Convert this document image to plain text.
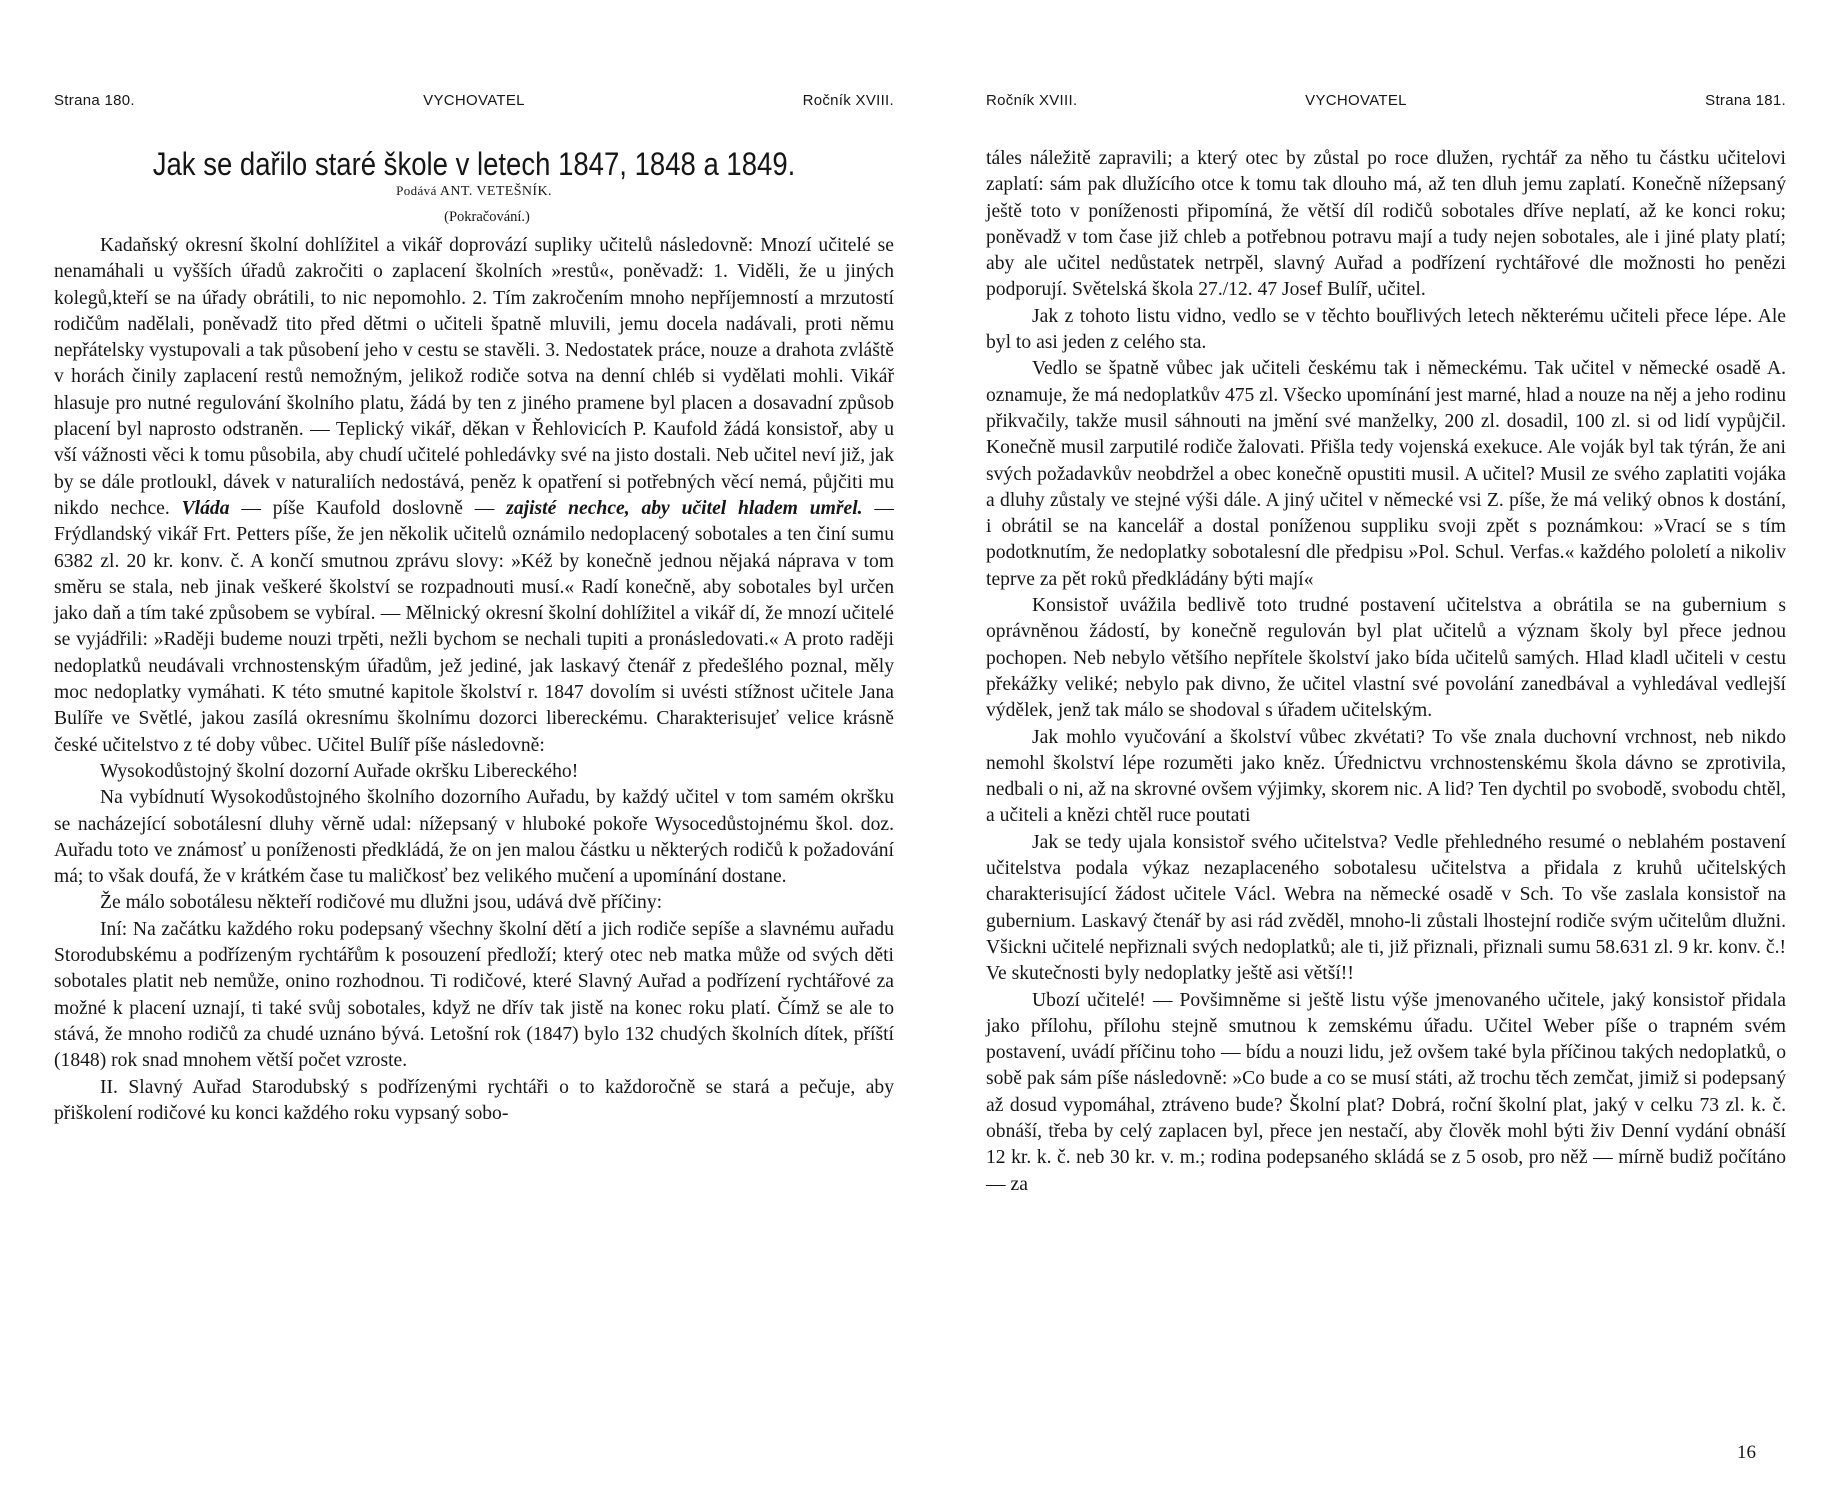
Strana 180.	VYCHOVATEL	Ročník XVIII.
Jak se dařilo staré škole v letech 1847, 1848 a 1849.
Podává ANT. VETEŠNÍK.
(Pokračování.)

Kadaňský okresní školní dohlížitel a vikář doprovází supliky učitelů následovně: Mnozí učitelé se nenamáhali u vyšších úřadů zakročiti o zaplacení školních »restů«, poněvadž: 1. Viděli, že u jiných kolegů,kteří se na úřady obrátili, to nic nepomohlo. 2. Tím zakročením mnoho nepříjemností a mrzutostí rodičům nadělali, poněvadž tito před dětmi o učiteli špatně mluvili, jemu docela nadávali, proti němu nepřátelsky vystupovali a tak působení jeho v cestu se stavěli. 3. Nedostatek práce, nouze a drahota zvláště v horách činily zaplacení restů nemožným, jelikož rodiče sotva na denní chléb si vydělati mohli. Vikář hlasuje pro nutné regulování školního platu, žádá by ten z jiného pramene byl placen a dosavadní způsob placení byl naprosto odstraněn. — Teplický vikář, děkan v Řehlovicích P. Kaufold žádá konsistoř, aby u vší vážnosti věci k tomu působila, aby chudí učitelé pohledávky své na jisto dostali. Neb učitel neví již, jak by se dále protloukl, dávek v naturaliích nedostává, peněz k opatření si potřebných věcí nemá, půjčiti mu nikdo nechce. Vláda — píše Kaufold doslovně — zajisté nechce, aby učitel hladem umřel. — Frýdlandský vikář Frt. Petters píše, že jen několik učitelů oznámilo nedoplacený sobotales a ten činí sumu 6382 zl. 20 kr. konv. č. A končí smutnou zprávu slovy: »Kéž by konečně jednou nějaká náprava v tom směru se stala, neb jinak veškeré školství se rozpadnouti musí.« Radí konečně, aby sobotales byl určen jako daň a tím také způsobem se vybíral. — Mělnický okresní školní dohlížitel a vikář dí, že mnozí učitelé se vyjádřili: »Raději budeme nouzi trpěti, nežli bychom se nechali tupiti a pronásledovati.« A proto raději nedoplatků neudávali vrchnostenským úřadům, jež jediné, jak laskavý čtenář z předešlého poznal, měly moc nedoplatky vymáhati. K této smutné kapitole školství r. 1847 dovolím si uvésti stížnost učitele Jana Bulíře ve Světlé, jakou zasílá okresnímu školnímu dozorci libereckému. Charakterisujeť velice krásně české učitelstvo z té doby vůbec. Učitel Bulíř píše následovně:

Wysokodůstojný školní dozorní Auřade okršku Libereckého!

Na vybídnutí Wysokodůstojného školního dozorního Auřadu, by každý učitel v tom samém okršku se nacházející sobotálesní dluhy věrně udal: nížepsaný v hluboké pokoře Wysocedůstojnému škol. doz. Auřadu toto ve známosť u poníženosti předkládá, že on jen malou částku u některých rodičů k požadování má; to však doufá, že v krátkém čase tu maličkosť bez velikého mučení a upomínání dostane.

Že málo sobotálesu někteří rodičové mu dlužni jsou, udává dvě příčiny:

Iní: Na začátku každého roku podepsaný všechny školní dětí a jich rodiče sepíše a slavnému auřadu Storodubskému a podřízeným rychtářům k posouzení předloží; který otec neb matka může od svých děti sobotales platit neb nemůže, onino rozhodnou. Ti rodičové, které Slavný Auřad a podřízení rychtářové za možné k placení uznají, ti také svůj sobotales, když ne dřív tak jistě na konec roku platí. Čímž se ale to stává, že mnoho rodičů za chudé uznáno bývá. Letošní rok (1847) bylo 132 chudých školních dítek, příští (1848) rok snad mnohem větší počet vzroste.

II. Slavný Auřad Starodubský s podřízenými rychtáři o to každoročně se stará a pečuje, aby přiškolení rodičové ku konci každého roku vypsaný sobo-

Ročník XVIII.	VYCHOVATEL	Strana 181.

táles náležitě zapravili; a který otec by zůstal po roce dlužen, rychtář za něho tu částku učitelovi zaplatí: sám pak dlužícího otce k tomu tak dlouho má, až ten dluh jemu zaplatí. Konečně nížepsaný ještě toto v poníženosti připomíná, že větší díl rodičů sobotales dříve neplatí, až ke konci roku; poněvadž v tom čase již chleb a potřebnou potravu mají a tudy nejen sobotales, ale i jiné platy platí; aby ale učitel nedůstatek netrpěl, slavný Auřad a podřízení rychtářové dle možnosti ho penězi podporují. Světelská škola 27./12. 47 Josef Bulíř, učitel.

Jak z tohoto listu vidno, vedlo se v těchto bouřlivých letech některému učiteli přece lépe. Ale byl to asi jeden z celého sta.

Vedlo se špatně vůbec jak učiteli českému tak i německému. Tak učitel v německé osadě A. oznamuje, že má nedoplatkův 475 zl. Všecko upomínání jest marné, hlad a nouze na něj a jeho rodinu přikvačily, takže musil sáhnouti na jmění své manželky, 200 zl. dosadil, 100 zl. si od lidí vypůjčil. Konečně musil zarputilé rodiče žalovati. Přišla tedy vojenská exekuce. Ale voják byl tak týrán, že ani svých požadavkův neobdržel a obec konečně opustiti musil. A učitel? Musil ze svého zaplatiti vojáka a dluhy zůstaly ve stejné výši dále. A jiný učitel v německé vsi Z. píše, že má veliký obnos k dostání, i obrátil se na kancelář a dostal poníženou suppliku svoji zpět s poznámkou: »Vrací se s tím podotknutím, že nedoplatky sobotalesní dle předpisu »Pol. Schul. Verfas.« každého pololetí a nikoliv teprve za pět roků předkládány býti mají«

Konsistoř uvážila bedlivě toto trudné postavení učitelstva a obrátila se na gubernium s oprávněnou žádostí, by konečně regulován byl plat učitelů a význam školy byl přece jednou pochopen. Neb nebylo většího nepřítele školství jako bída učitelů samých. Hlad kladl učiteli v cestu překážky veliké; nebylo pak divno, že učitel vlastní své povolání zanedbával a vyhledával vedlejší výdělek, jenž tak málo se shodoval s úřadem učitelským.

Jak mohlo vyučování a školství vůbec zkvétati? To vše znala duchovní vrchnost, neb nikdo nemohl školství lépe rozuměti jako kněz. Úřednictvu vrchnostenskému škola dávno se zprotivila, nedbali o ni, až na skrovné ovšem výjimky, skorem nic. A lid? Ten dychtil po svobodě, svobodu chtěl, a učiteli a knězi chtěl ruce poutati

Jak se tedy ujala konsistoř svého učitelstva? Vedle přehledného resumé o neblahém postavení učitelstva podala výkaz nezaplaceného sobotalesu učitelstva a přidala z kruhů učitelských charakterisující žádost učitele Václ. Webra na německé osadě v Sch. To vše zaslala konsistoř na gubernium. Laskavý čtenář by asi rád zvěděl, mnoho-li zůstali lhostejní rodiče svým učitelům dlužni. Všickni učitelé nepřiznali svých nedoplatků; ale ti, již přiznali, přiznali sumu 58.631 zl. 9 kr. konv. č.! Ve skutečnosti byly nedoplatky ještě asi větší!!

Ubozí učitelé! — Povšimněme si ještě listu výše jmenovaného učitele, jaký konsistoř přidala jako přílohu, přílohu stejně smutnou k zemskému úřadu. Učitel Weber píše o trapném svém postavení, uvádí příčinu toho — bídu a nouzi lidu, jež ovšem také byla příčinou takých nedoplatků, o sobě pak sám píše následovně: »Co bude a co se musí státi, až trochu těch zemčat, jimiž si podepsaný až dosud vypomáhal, ztráveno bude? Školní plat? Dobrá, roční školní plat, jaký v celku 73 zl. k. č. obnáší, třeba by celý zaplacen byl, přece jen nestačí, aby člověk mohl býti živ Denní vydání obnáší 12 kr. k. č. neb 30 kr. v. m.; rodina podepsaného skládá se z 5 osob, pro něž — mírně budiž počítáno — za

16
